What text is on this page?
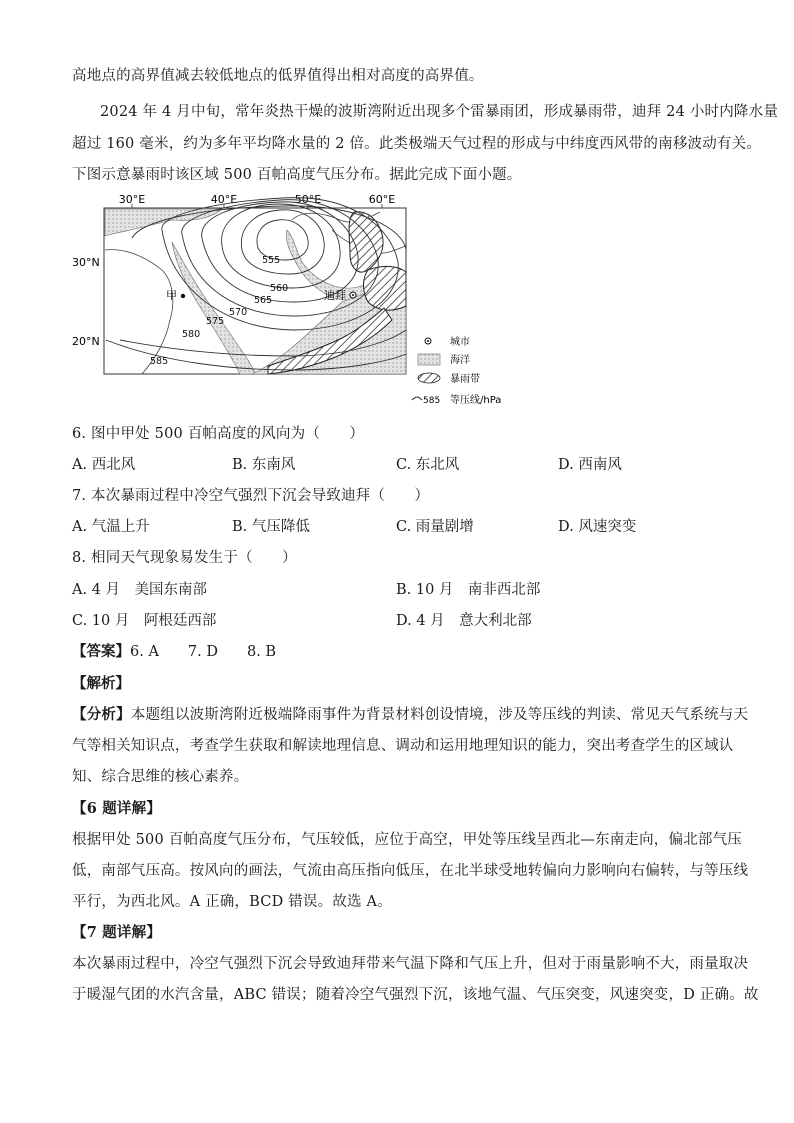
高地点的高界值减去较低地点的低界值得出相对高度的高界值。
2024 年 4 月中旬，常年炎热干燥的波斯湾附近出现多个雷暴雨团，形成暴雨带，迪拜 24 小时内降水量
超过 160 毫米，约为多年平均降水量的 2 倍。此类极端天气过程的形成与中纬度西风带的南移波动有关。
下图示意暴雨时该区域 500 百帕高度气压分布。据此完成下面小题。
30°E	40°E	50°E	60°E
30°N
20°N
555
560
565
570
575
580
585
甲	迪拜
城市
海洋
暴雨带
585 等压线/hPa
6. 图中甲处 500 百帕高度的风向为（　　）
A. 西北风	B. 东南风	C. 东北风	D. 西南风
7. 本次暴雨过程中冷空气强烈下沉会导致迪拜（　　）
A. 气温上升	B. 气压降低	C. 雨量剧增	D. 风速突变
8. 相同天气现象易发生于（　　）
A. 4 月　美国东南部	B. 10 月　南非西北部
C. 10 月　阿根廷西部	D. 4 月　意大利北部
【答案】6. A　　7. D　　8. B
【解析】
【分析】本题组以波斯湾附近极端降雨事件为背景材料创设情境，涉及等压线的判读、常见天气系统与天
气等相关知识点，考查学生获取和解读地理信息、调动和运用地理知识的能力，突出考查学生的区域认
知、综合思维的核心素养。
【6 题详解】
根据甲处 500 百帕高度气压分布，气压较低，应位于高空，甲处等压线呈西北—东南走向，偏北部气压
低，南部气压高。按风向的画法，气流由高压指向低压，在北半球受地转偏向力影响向右偏转，与等压线
平行，为西北风。A 正确，BCD 错误。故选 A。
【7 题详解】
本次暴雨过程中，冷空气强烈下沉会导致迪拜带来气温下降和气压上升，但对于雨量影响不大，雨量取决
于暖湿气团的水汽含量，ABC 错误；随着冷空气强烈下沉，该地气温、气压突变，风速突变，D 正确。故
